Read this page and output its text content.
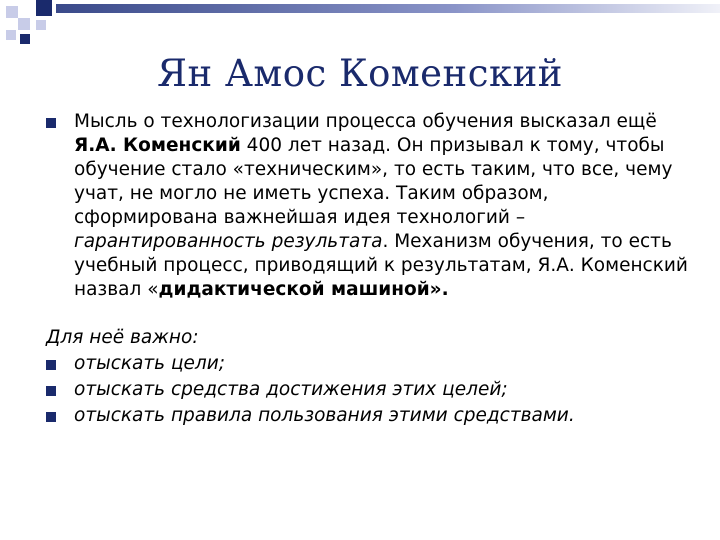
Ян Амос Коменский
Мысль о технологизации процесса обучения высказал ещё Я.А. Коменский 400 лет назад. Он призывал к тому, чтобы обучение стало «техническим», то есть таким, что все, чему учат, не могло не иметь успеха. Таким образом, сформирована важнейшая идея технологий – гарантированность результата. Механизм обучения, то есть учебный процесс, приводящий к результатам, Я.А. Коменский назвал «дидактической машиной».
Для неё важно:
отыскать цели;
отыскать средства достижения этих целей;
отыскать правила пользования этими средствами.
